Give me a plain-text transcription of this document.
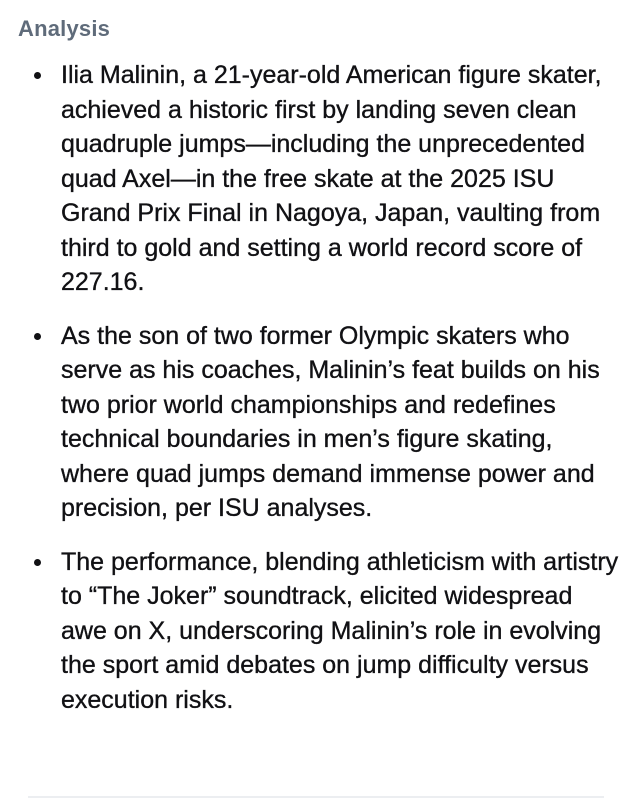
Analysis
Ilia Malinin, a 21-year-old American figure skater, achieved a historic first by landing seven clean quadruple jumps—including the unprecedented quad Axel—in the free skate at the 2025 ISU Grand Prix Final in Nagoya, Japan, vaulting from third to gold and setting a world record score of 227.16.
As the son of two former Olympic skaters who serve as his coaches, Malinin’s feat builds on his two prior world championships and redefines technical boundaries in men’s figure skating, where quad jumps demand immense power and precision, per ISU analyses.
The performance, blending athleticism with artistry to “The Joker” soundtrack, elicited widespread awe on X, underscoring Malinin’s role in evolving the sport amid debates on jump difficulty versus execution risks.
